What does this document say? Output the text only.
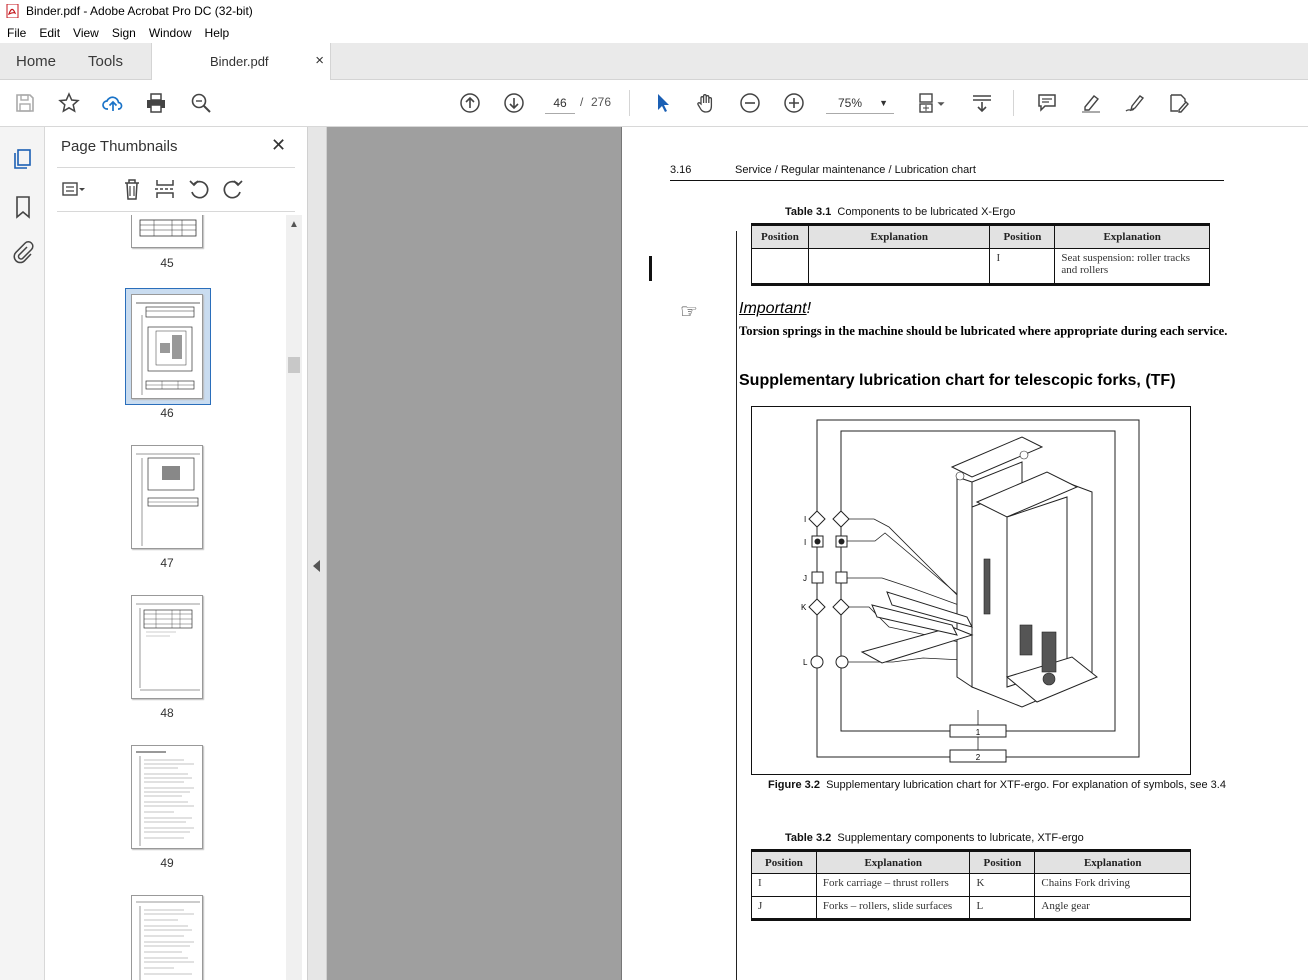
Binder.pdf - Adobe Acrobat Pro DC (32-bit)
File	Edit	View	Sign	Window	Help
Home Tools	Binder.pdf	×
46	/ 276	75% ▼
Page Thumbnails	✕
45
46
47
48
49
▲
3.16	Service / Regular maintenance / Lubrication chart
Table 3.1 Components to be lubricated X-Ergo
Position	Explanation	Position	Explanation
		I	Seat suspension: roller tracks and rollers
☞	Important!
Torsion springs in the machine should be lubricated where appropriate during each service.
Supplementary lubrication chart for telescopic forks, (TF)
1
2
I
I
J
K
L
Figure 3.2 Supplementary lubrication chart for XTF-ergo. For explanation of symbols, see 3.4
Table 3.2 Supplementary components to lubricate, XTF-ergo
Position	Explanation	Position	Explanation
I	Fork carriage – thrust rollers	K	Chains Fork driving
J	Forks – rollers, slide surfaces	L	Angle gear
